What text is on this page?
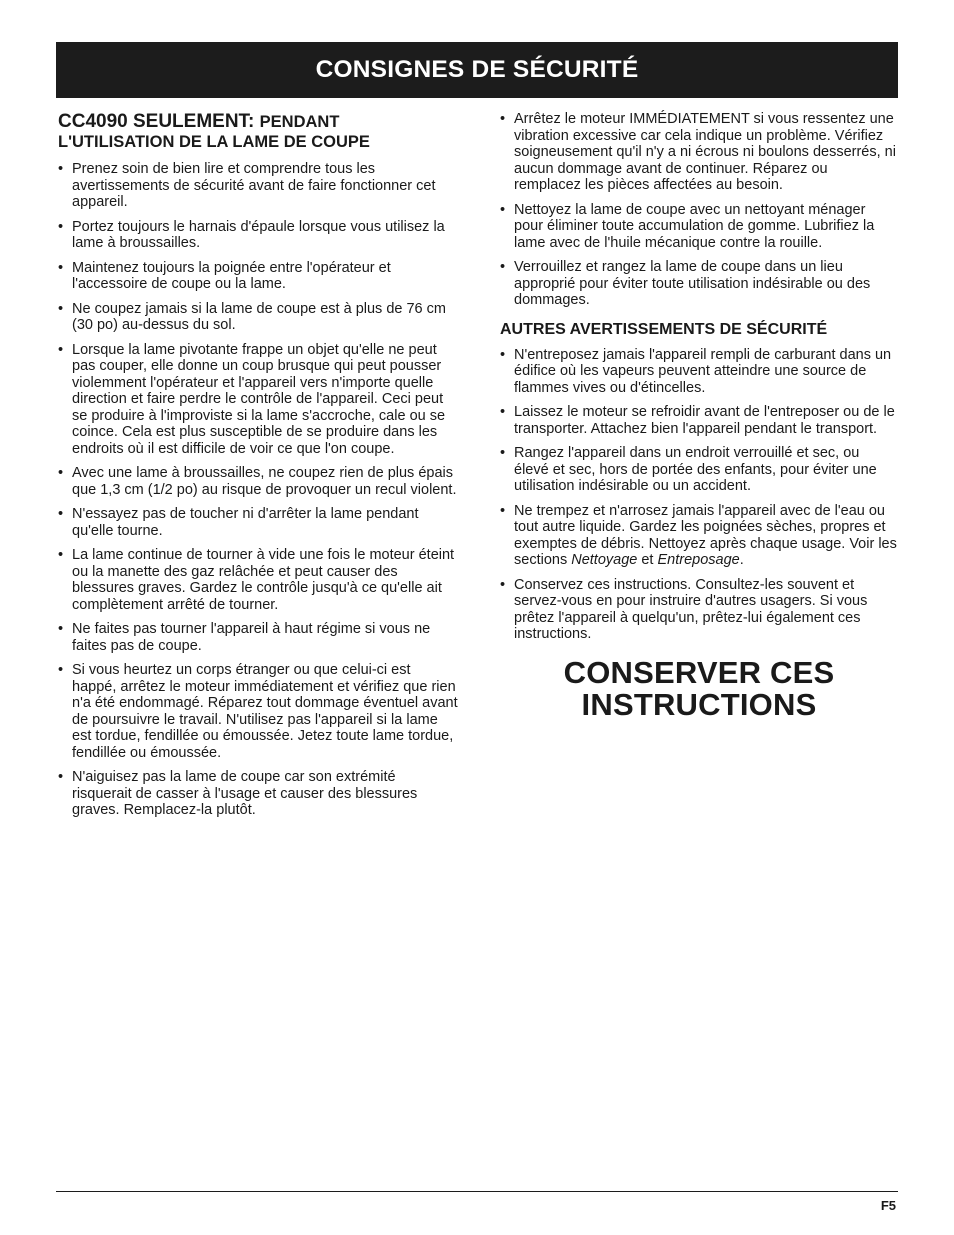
CONSIGNES DE SÉCURITÉ
CC4090 SEULEMENT: PENDANT
L'UTILISATION DE LA LAME DE COUPE
• Prenez soin de bien lire et comprendre tous les avertissements de sécurité avant de faire fonctionner cet appareil.
• Portez toujours le harnais d'épaule lorsque vous utilisez la lame à broussailles.
• Maintenez toujours la poignée entre l'opérateur et l'accessoire de coupe ou la lame.
• Ne coupez jamais si la lame de coupe est à plus de 76 cm (30 po) au-dessus du sol.
• Lorsque la lame pivotante frappe un objet qu'elle ne peut pas couper, elle donne un coup brusque qui peut pousser violemment l'opérateur et l'appareil vers n'importe quelle direction et faire perdre le contrôle de l'appareil. Ceci peut se produire à l'improviste si la lame s'accroche, cale ou se coince. Cela est plus susceptible de se produire dans les endroits où il est difficile de voir ce que l'on coupe.
• Avec une lame à broussailles, ne coupez rien de plus épais que 1,3 cm (1/2 po) au risque de provoquer un recul violent.
• N'essayez pas de toucher ni d'arrêter la lame pendant qu'elle tourne.
• La lame continue de tourner à vide une fois le moteur éteint ou la manette des gaz relâchée et peut causer des blessures graves. Gardez le contrôle jusqu'à ce qu'elle ait complètement arrêté de tourner.
• Ne faites pas tourner l'appareil à haut régime si vous ne faites pas de coupe.
• Si vous heurtez un corps étranger ou que celui-ci est happé, arrêtez le moteur immédiatement et vérifiez que rien n'a été endommagé. Réparez tout dommage éventuel avant de poursuivre le travail. N'utilisez pas l'appareil si la lame est tordue, fendillée ou émoussée. Jetez toute lame tordue, fendillée ou émoussée.
• N'aiguisez pas la lame de coupe car son extrémité risquerait de casser à l'usage et causer des blessures graves. Remplacez-la plutôt.
• Arrêtez le moteur IMMÉDIATEMENT si vous ressentez une vibration excessive car cela indique un problème. Vérifiez soigneusement qu'il n'y a ni écrous ni boulons desserrés, ni aucun dommage avant de continuer. Réparez ou remplacez les pièces affectées au besoin.
• Nettoyez la lame de coupe avec un nettoyant ménager pour éliminer toute accumulation de gomme. Lubrifiez la lame avec de l'huile mécanique contre la rouille.
• Verrouillez et rangez la lame de coupe dans un lieu approprié pour éviter toute utilisation indésirable ou des dommages.
AUTRES AVERTISSEMENTS DE SÉCURITÉ
• N'entreposez jamais l'appareil rempli de carburant dans un édifice où les vapeurs peuvent atteindre une source de flammes vives ou d'étincelles.
• Laissez le moteur se refroidir avant de l'entreposer ou de le transporter. Attachez bien l'appareil pendant le transport.
• Rangez l'appareil dans un endroit verrouillé et sec, ou élevé et sec, hors de portée des enfants, pour éviter une utilisation indésirable ou un accident.
• Ne trempez et n'arrosez jamais l'appareil avec de l'eau ou tout autre liquide. Gardez les poignées sèches, propres et exemptes de débris. Nettoyez après chaque usage. Voir les sections Nettoyage et Entreposage.
• Conservez ces instructions. Consultez-les souvent et servez-vous en pour instruire d'autres usagers. Si vous prêtez l'appareil à quelqu'un, prêtez-lui également ces instructions.
CONSERVER CES
INSTRUCTIONS
F5
